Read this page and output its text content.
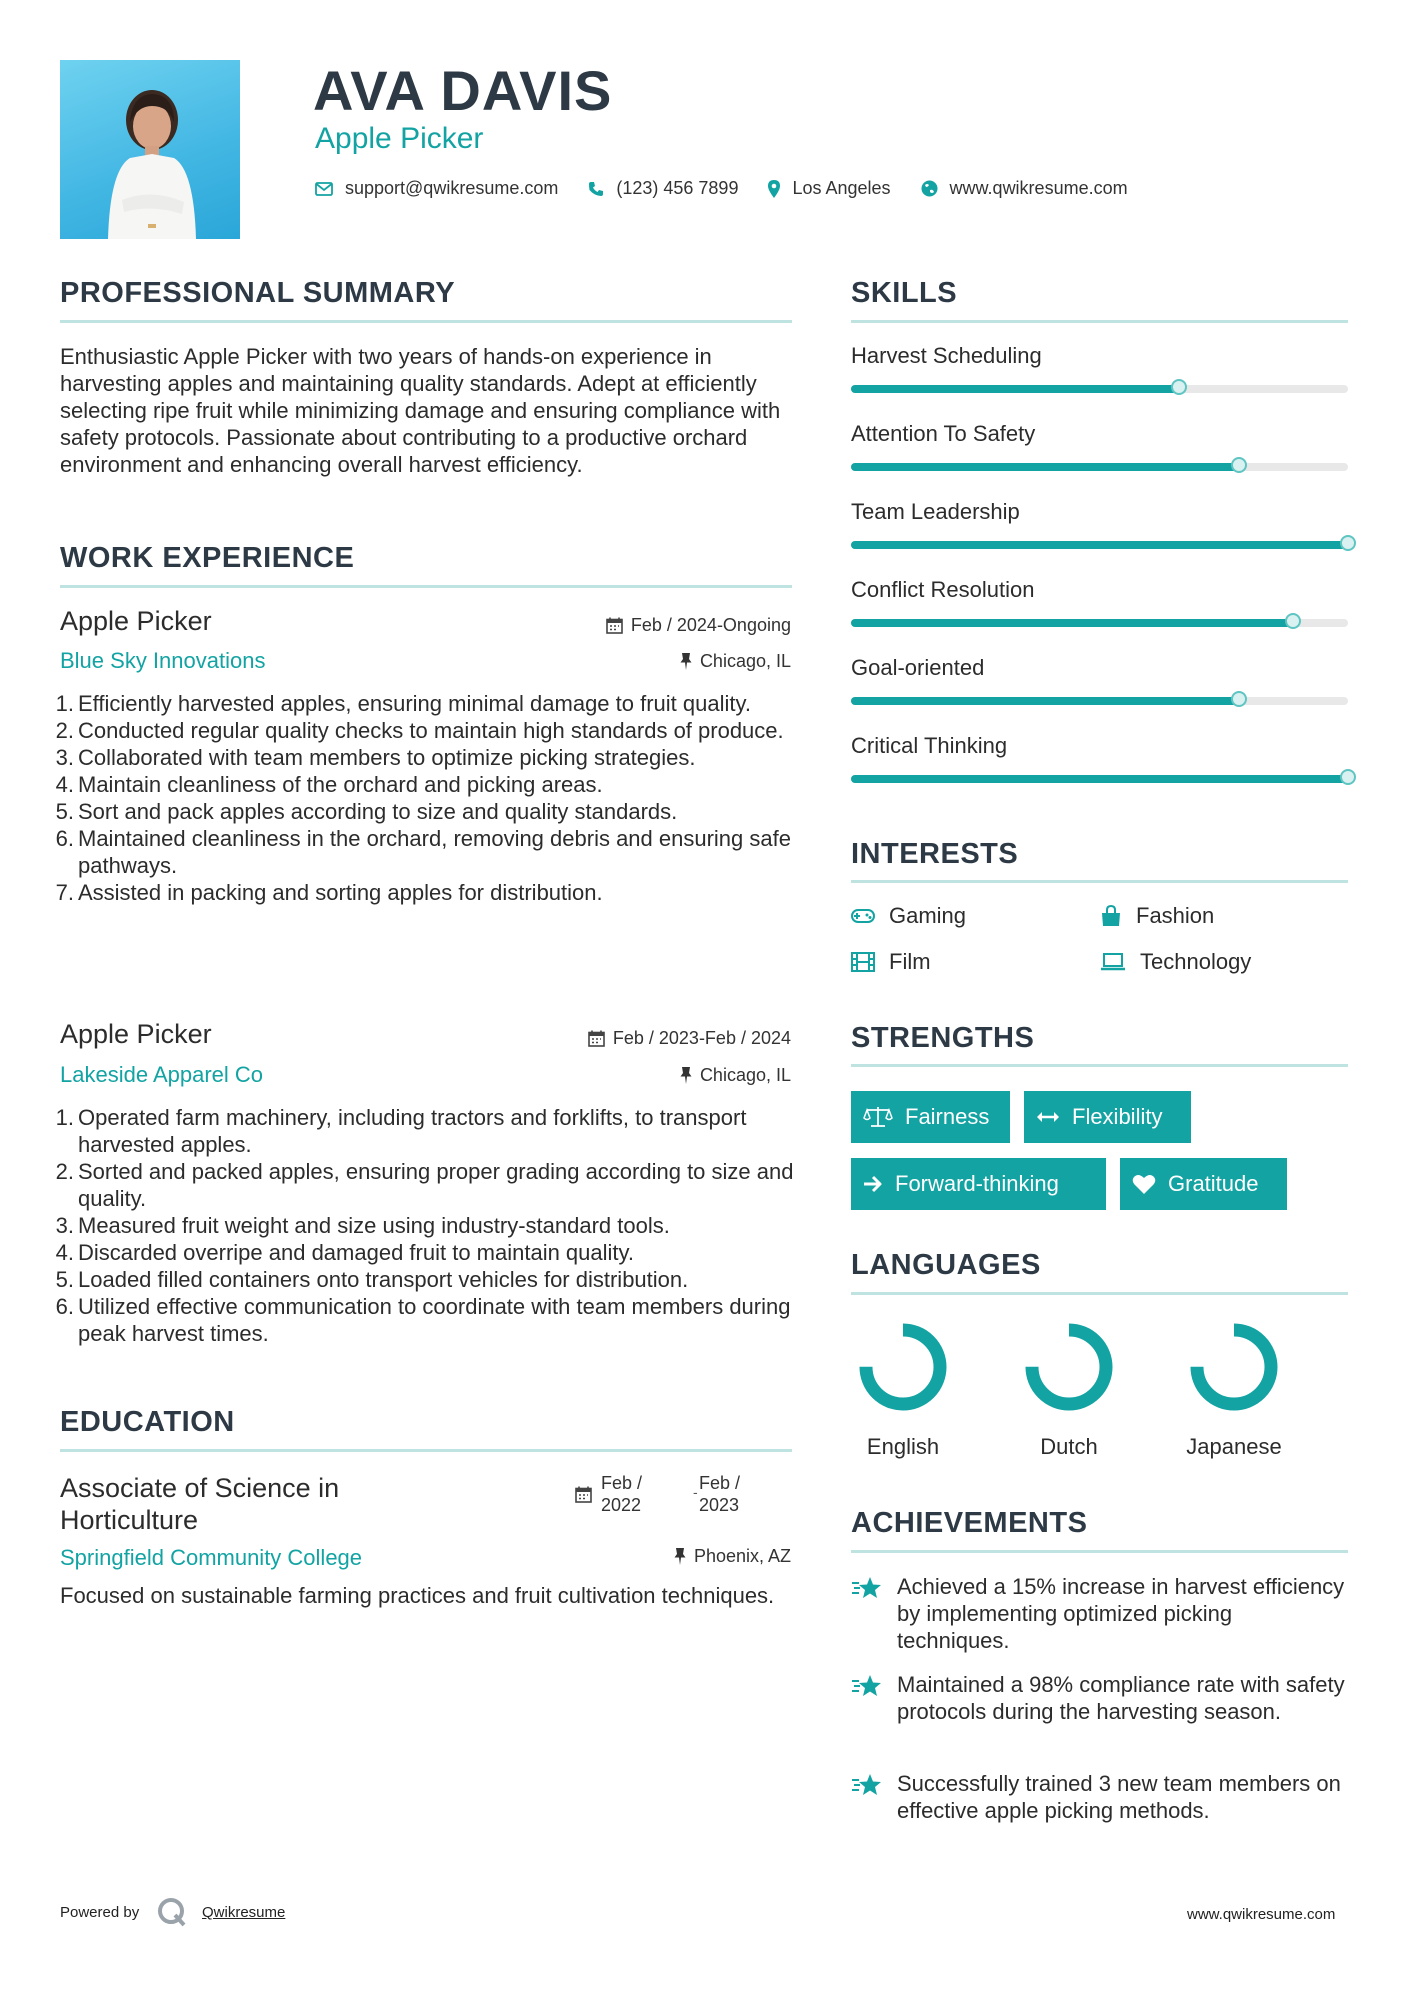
AVA DAVIS
Apple Picker
support@qwikresume.com	(123) 456 7899	Los Angeles	www.qwikresume.com
PROFESSIONAL SUMMARY
Enthusiastic Apple Picker with two years of hands-on experience in harvesting apples and maintaining quality standards. Adept at efficiently selecting ripe fruit while minimizing damage and ensuring compliance with safety protocols. Passionate about contributing to a productive orchard environment and enhancing overall harvest efficiency.
WORK EXPERIENCE
Apple Picker	Feb / 2024-Ongoing
Blue Sky Innovations	Chicago, IL
Efficiently harvested apples, ensuring minimal damage to fruit quality.
Conducted regular quality checks to maintain high standards of produce.
Collaborated with team members to optimize picking strategies.
Maintain cleanliness of the orchard and picking areas.
Sort and pack apples according to size and quality standards.
Maintained cleanliness in the orchard, removing debris and ensuring safe pathways.
Assisted in packing and sorting apples for distribution.
Apple Picker	Feb / 2023-Feb / 2024
Lakeside Apparel Co	Chicago, IL
Operated farm machinery, including tractors and forklifts, to transport harvested apples.
Sorted and packed apples, ensuring proper grading according to size and quality.
Measured fruit weight and size using industry-standard tools.
Discarded overripe and damaged fruit to maintain quality.
Loaded filled containers onto transport vehicles for distribution.
Utilized effective communication to coordinate with team members during peak harvest times.
EDUCATION
Associate of Science in
Horticulture
Feb /
2022
- Feb /
2023
Springfield Community College	Phoenix, AZ
Focused on sustainable farming practices and fruit cultivation techniques.
SKILLS
Harvest Scheduling
Attention To Safety
Team Leadership
Conflict Resolution
Goal-oriented
Critical Thinking
INTERESTS
Gaming	Fashion
Film	Technology
STRENGTHS
Fairness	Flexibility
Forward-thinking	Gratitude
LANGUAGES
English	Dutch	Japanese
ACHIEVEMENTS
Achieved a 15% increase in harvest efficiency by implementing optimized picking techniques.
Maintained a 98% compliance rate with safety protocols during the harvesting season.
Successfully trained 3 new team members on effective apple picking methods.
Powered by	Qwikresume	www.qwikresume.com
